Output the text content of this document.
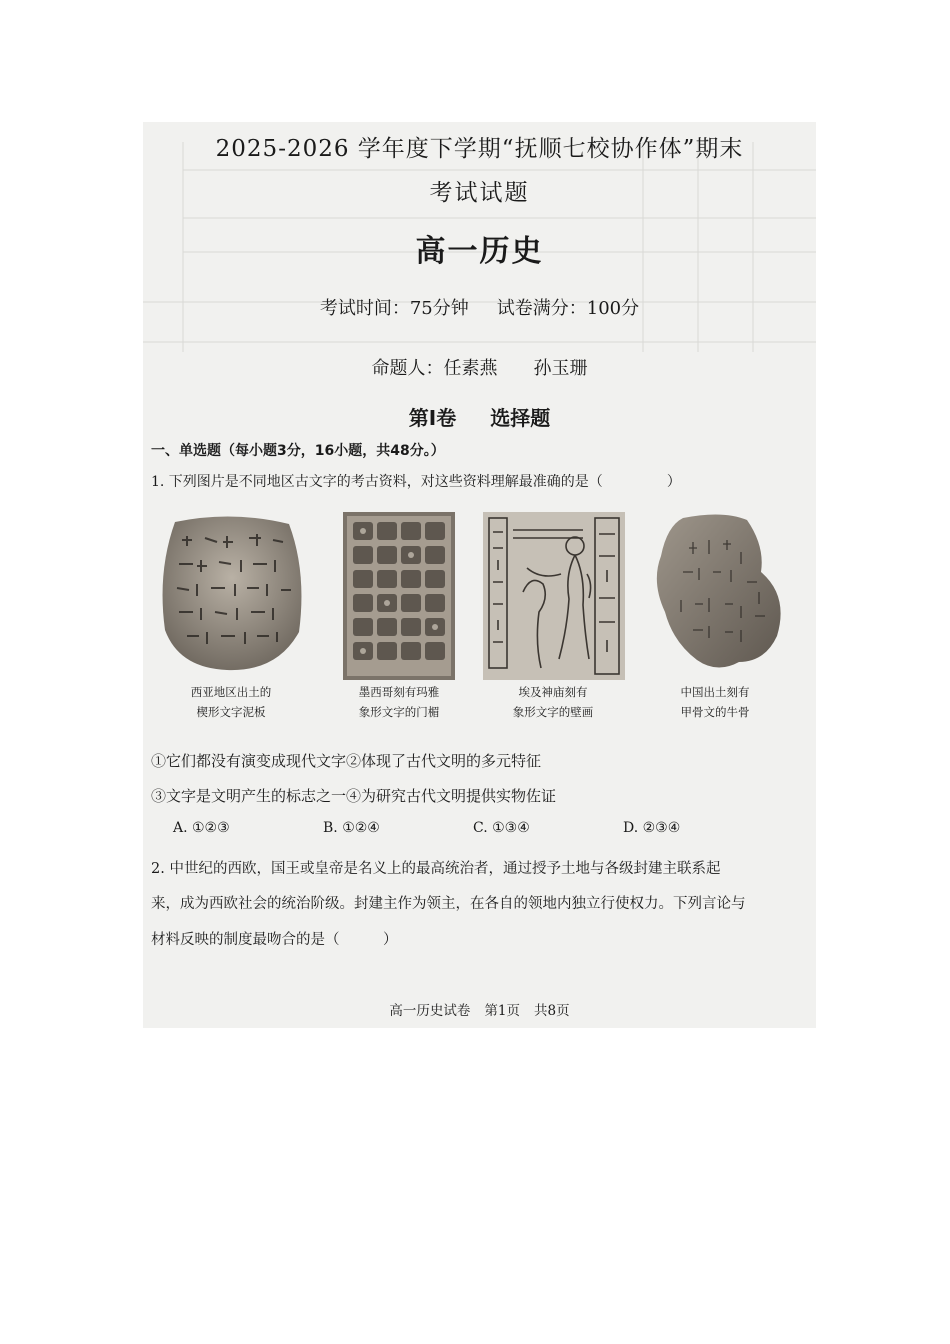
2025-2026 学年度下学期“抚顺七校协作体”期末
考试试题
高一历史
考试时间：75分钟 试卷满分：100分
命题人：任素燕 孙玉珊
第Ⅰ卷 选择题
一、单选题（每小题3分，16小题，共48分。）
1. 下列图片是不同地区古文字的考古资料，对这些资料理解最准确的是（	）
西亚地区出土的
楔形文字泥板
墨西哥刻有玛雅
象形文字的门楣
埃及神庙刻有
象形文字的壁画
中国出土刻有
甲骨文的牛骨
①它们都没有演变成现代文字②体现了古代文明的多元特征
③文字是文明产生的标志之一④为研究古代文明提供实物佐证
A. ①②③	B. ①②④	C. ①③④	D. ②③④
2. 中世纪的西欧，国王或皇帝是名义上的最高统治者，通过授予土地与各级封建主联系起
来，成为西欧社会的统治阶级。封建主作为领主，在各自的领地内独立行使权力。下列言论与
材料反映的制度最吻合的是（　　　）
高一历史试卷 第1页 共8页
